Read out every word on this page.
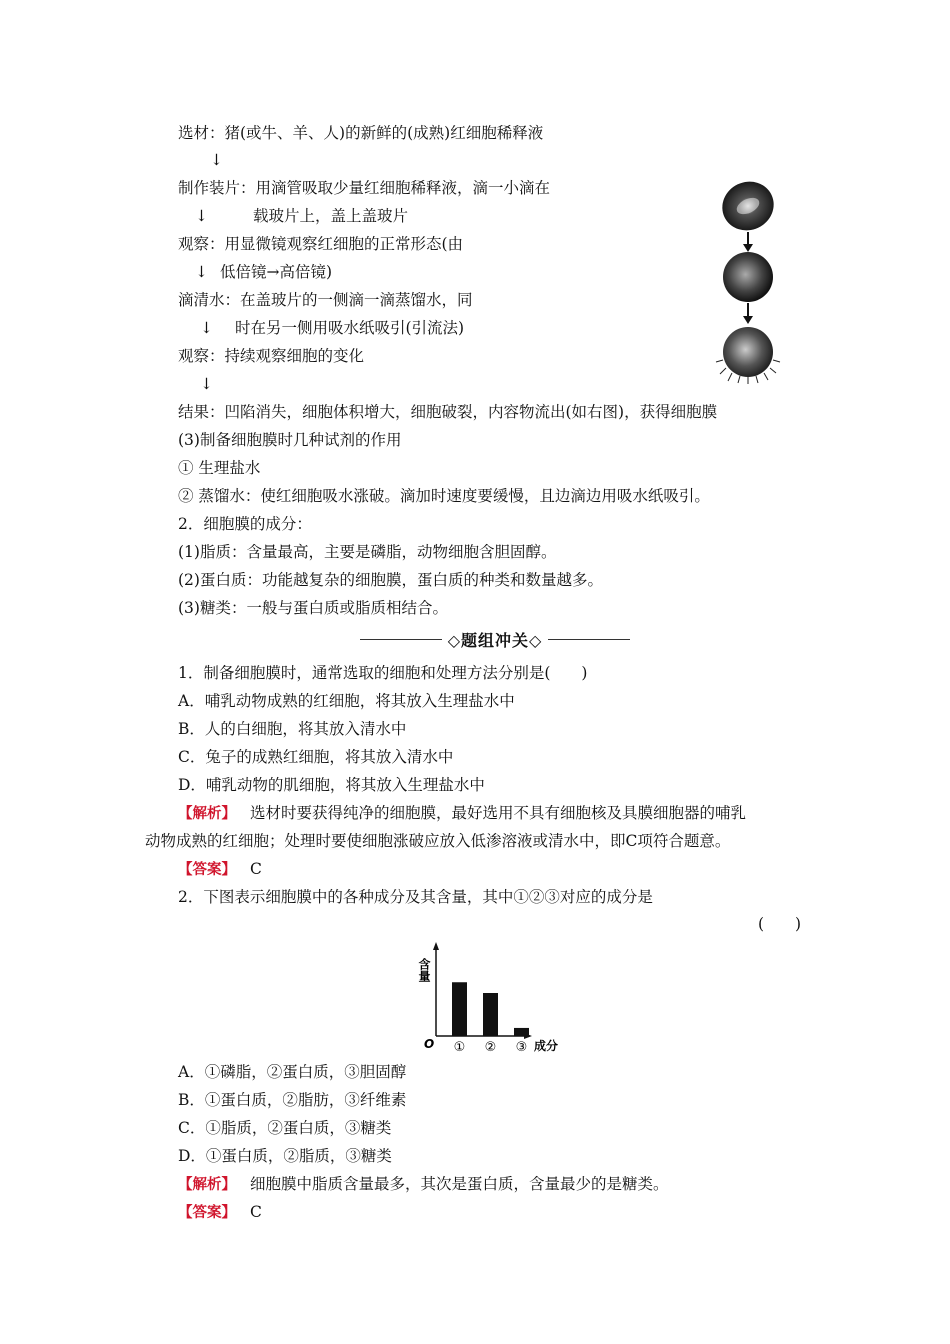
选材：猪(或牛、羊、人)的新鲜的(成熟)红细胞稀释液
↓
制作装片：用滴管吸取少量红细胞稀释液，滴一小滴在
↓	载玻片上，盖上盖玻片
观察：用显微镜观察红细胞的正常形态(由
↓ 低倍镜→高倍镜)
滴清水：在盖玻片的一侧滴一滴蒸馏水，同
↓ 时在另一侧用吸水纸吸引(引流法)
观察：持续观察细胞的变化
↓
结果：凹陷消失，细胞体积增大，细胞破裂，内容物流出(如右图)，获得细胞膜
(3)制备细胞膜时几种试剂的作用
① 生理盐水
② 蒸馏水：使红细胞吸水涨破。滴加时速度要缓慢，且边滴边用吸水纸吸引。
2．细胞膜的成分：
(1)脂质：含量最高，主要是磷脂，动物细胞含胆固醇。
(2)蛋白质：功能越复杂的细胞膜，蛋白质的种类和数量越多。
(3)糖类：一般与蛋白质或脂质相结合。
◇题组冲关◇
1．制备细胞膜时，通常选取的细胞和处理方法分别是(　　)
A．哺乳动物成熟的红细胞，将其放入生理盐水中
B．人的白细胞，将其放入清水中
C．兔子的成熟红细胞，将其放入清水中
D．哺乳动物的肌细胞，将其放入生理盐水中
【解析】 选材时要获得纯净的细胞膜，最好选用不具有细胞核及具膜细胞器的哺乳
动物成熟的红细胞；处理时要使细胞涨破应放入低渗溶液或清水中，即C项符合题意。
【答案】 C
2．下图表示细胞膜中的各种成分及其含量，其中①②③对应的成分是
(　　)
含量
O	成分
① ② ③
A．①磷脂，②蛋白质，③胆固醇
B．①蛋白质，②脂肪，③纤维素
C．①脂质，②蛋白质，③糖类
D．①蛋白质，②脂质，③糖类
【解析】 细胞膜中脂质含量最多，其次是蛋白质，含量最少的是糖类。
【答案】 C
